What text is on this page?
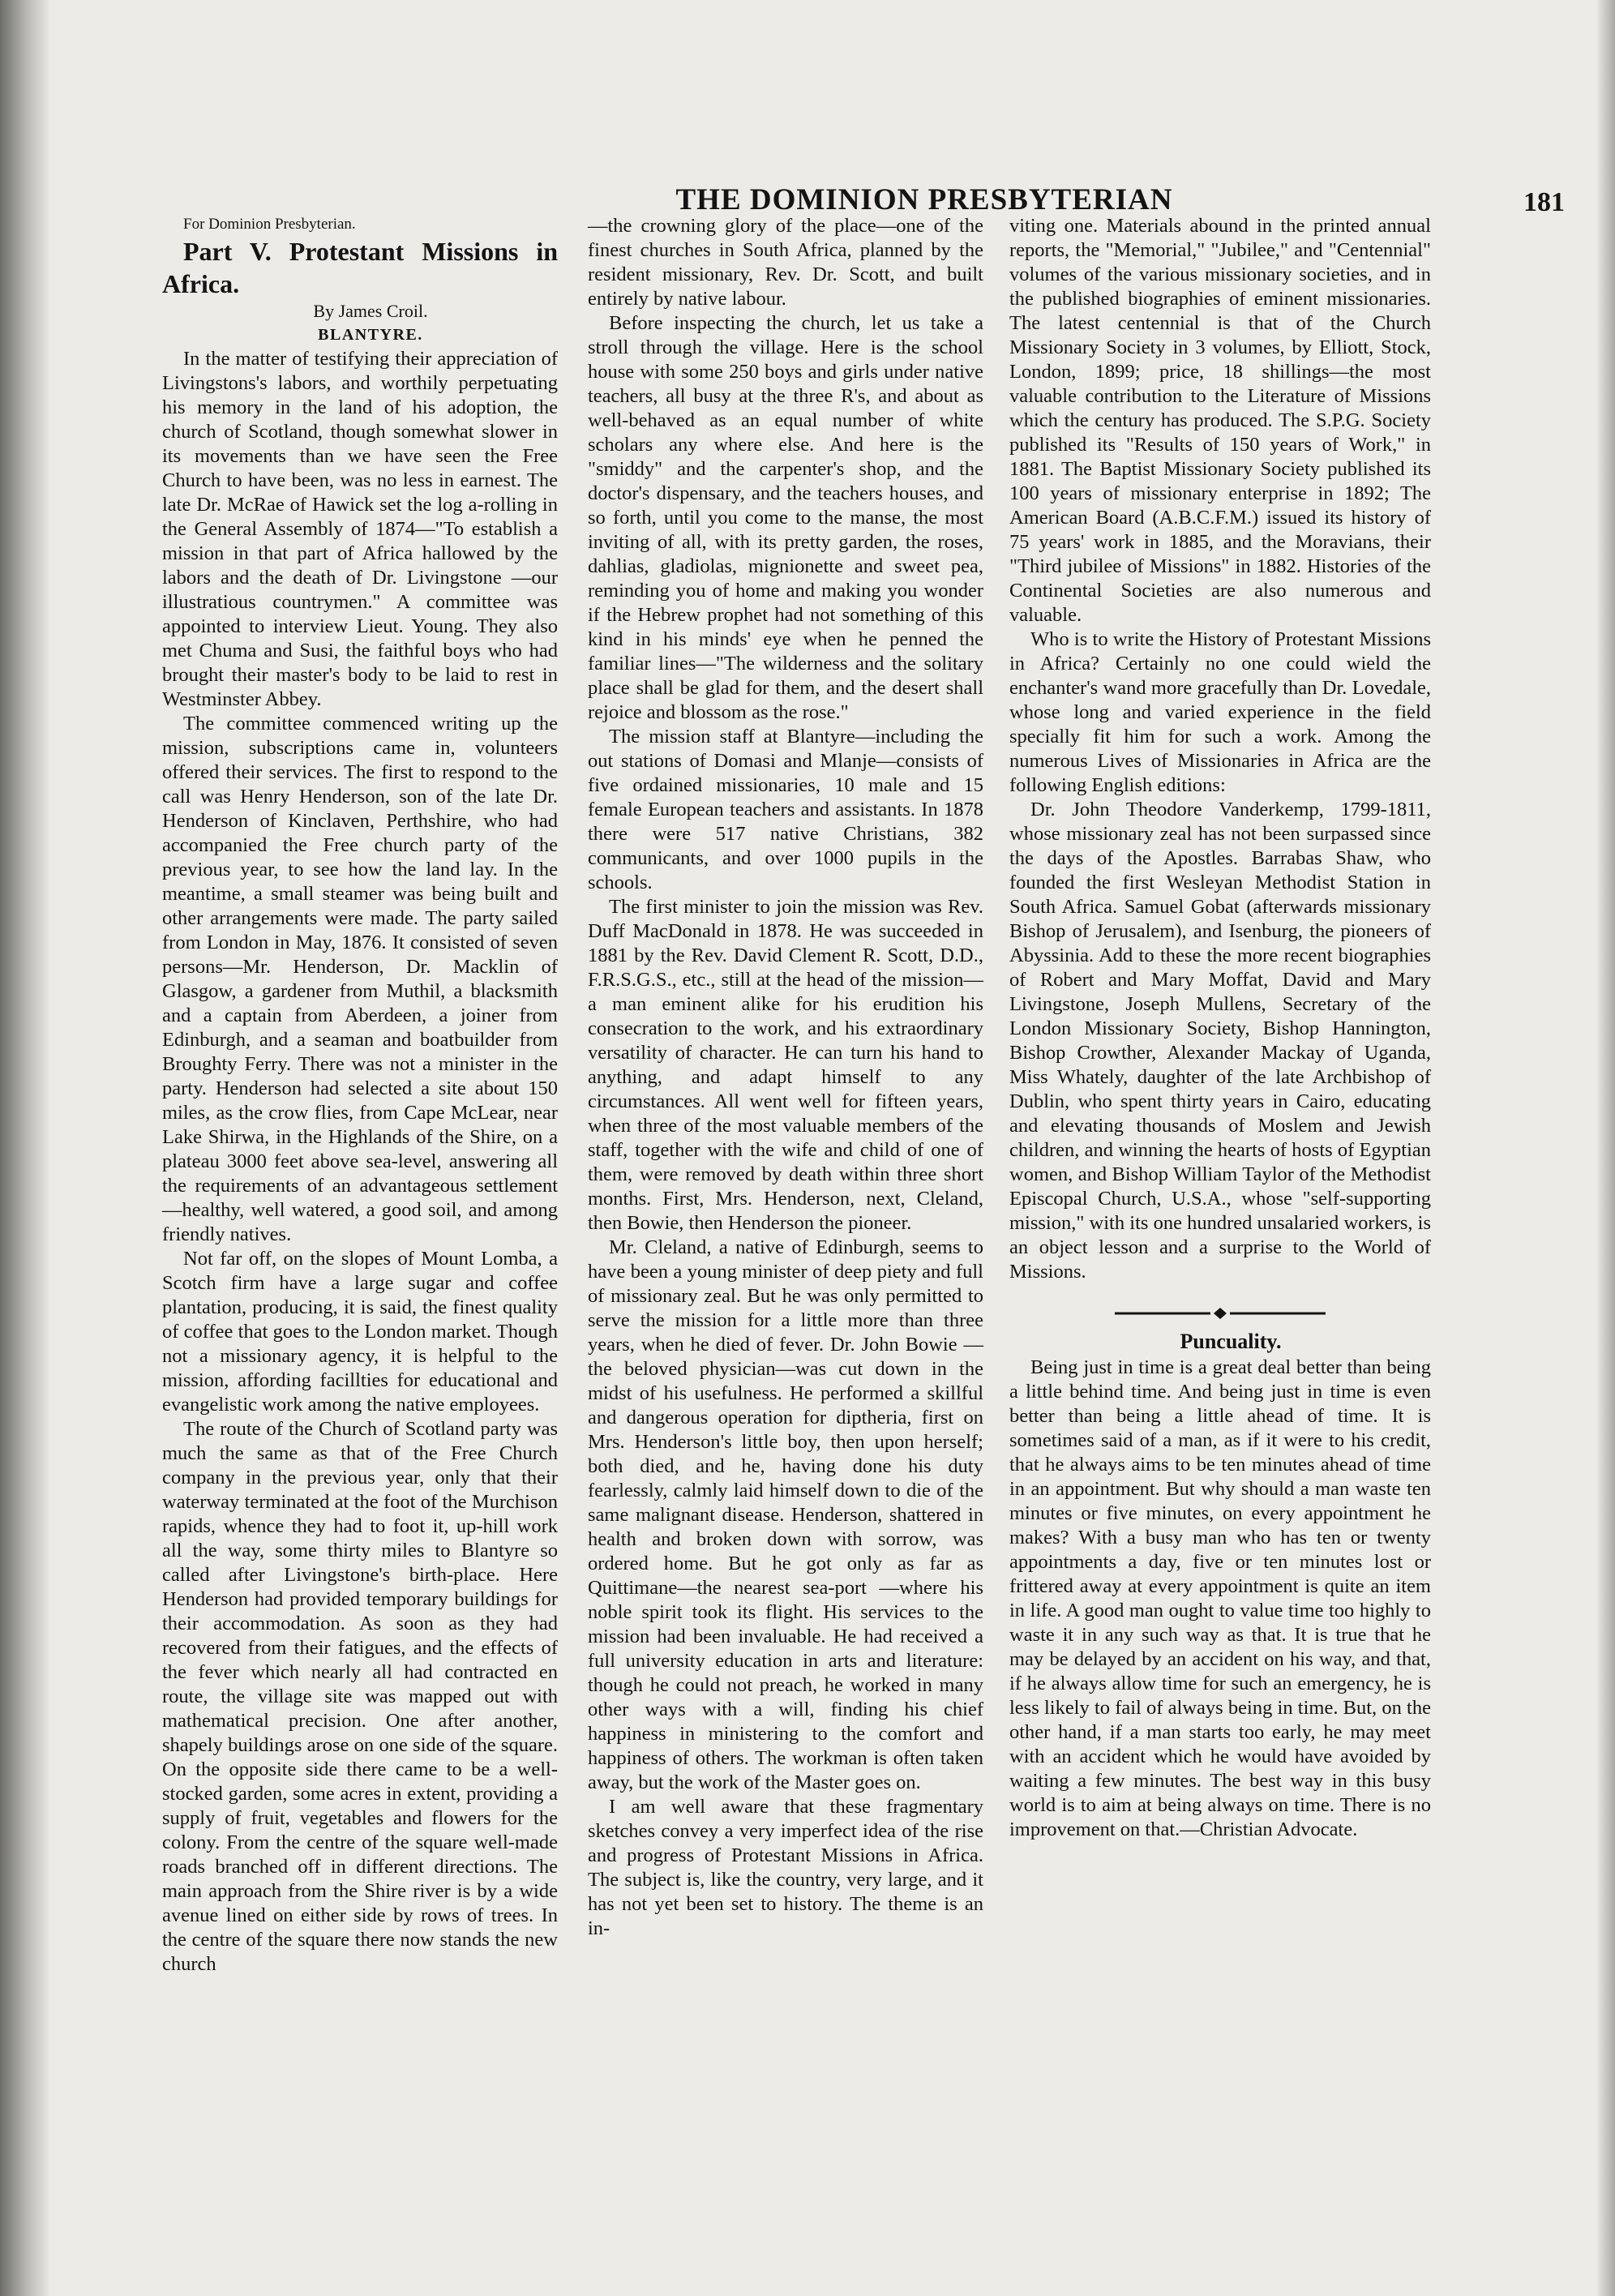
THE DOMINION PRESBYTERIAN	181

For Dominion Presbyterian.

Part V. Protestant Missions in Africa.

By James Croil.

BLANTYRE.

In the matter of testifying their appreciation of Livingstons's labors, and worthily perpetuating his memory in the land of his adoption, the church of Scotland, though somewhat slower in its movements than we have seen the Free Church to have been, was no less in earnest. The late Dr. McRae of Hawick set the log a-rolling in the General Assembly of 1874—"To establish a mission in that part of Africa hallowed by the labors and the death of Dr. Livingstone —our illustratious countrymen." A committee was appointed to interview Lieut. Young. They also met Chuma and Susi, the faithful boys who had brought their master's body to be laid to rest in Westminster Abbey.

The committee commenced writing up the mission, subscriptions came in, volunteers offered their services. The first to respond to the call was Henry Henderson, son of the late Dr. Henderson of Kinclaven, Perthshire, who had accompanied the Free church party of the previous year, to see how the land lay. In the meantime, a small steamer was being built and other arrangements were made. The party sailed from London in May, 1876. It consisted of seven persons—Mr. Henderson, Dr. Macklin of Glasgow, a gardener from Muthil, a blacksmith and a captain from Aberdeen, a joiner from Edinburgh, and a seaman and boatbuilder from Broughty Ferry. There was not a minister in the party. Henderson had selected a site about 150 miles, as the crow flies, from Cape McLear, near Lake Shirwa, in the Highlands of the Shire, on a plateau 3000 feet above sea-level, answering all the requirements of an advantageous settlement—healthy, well watered, a good soil, and among friendly natives.

Not far off, on the slopes of Mount Lomba, a Scotch firm have a large sugar and coffee plantation, producing, it is said, the finest quality of coffee that goes to the London market. Though not a missionary agency, it is helpful to the mission, affording facillties for educational and evangelistic work among the native employees.

The route of the Church of Scotland party was much the same as that of the Free Church company in the previous year, only that their waterway terminated at the foot of the Murchison rapids, whence they had to foot it, up-hill work all the way, some thirty miles to Blantyre so called after Livingstone's birth-place. Here Henderson had provided temporary buildings for their accommodation. As soon as they had recovered from their fatigues, and the effects of the fever which nearly all had contracted en route, the village site was mapped out with mathematical precision. One after another, shapely buildings arose on one side of the square. On the opposite side there came to be a well-stocked garden, some acres in extent, providing a supply of fruit, vegetables and flowers for the colony. From the centre of the square well-made roads branched off in different directions. The main approach from the Shire river is by a wide avenue lined on either side by rows of trees. In the centre of the square there now stands the new church

—the crowning glory of the place—one of the finest churches in South Africa, planned by the resident missionary, Rev. Dr. Scott, and built entirely by native labour.

Before inspecting the church, let us take a stroll through the village. Here is the school house with some 250 boys and girls under native teachers, all busy at the three R's, and about as well-behaved as an equal number of white scholars any where else. And here is the "smiddy" and the carpenter's shop, and the doctor's dispensary, and the teachers houses, and so forth, until you come to the manse, the most inviting of all, with its pretty garden, the roses, dahlias, gladiolas, mignionette and sweet pea, reminding you of home and making you wonder if the Hebrew prophet had not something of this kind in his minds' eye when he penned the familiar lines—"The wilderness and the solitary place shall be glad for them, and the desert shall rejoice and blossom as the rose."

The mission staff at Blantyre—including the out stations of Domasi and Mlanje—consists of five ordained missionaries, 10 male and 15 female European teachers and assistants. In 1878 there were 517 native Christians, 382 communicants, and over 1000 pupils in the schools.

The first minister to join the mission was Rev. Duff MacDonald in 1878. He was succeeded in 1881 by the Rev. David Clement R. Scott, D.D., F.R.S.G.S., etc., still at the head of the mission—a man eminent alike for his erudition his consecration to the work, and his extraordinary versatility of character. He can turn his hand to anything, and adapt himself to any circumstances. All went well for fifteen years, when three of the most valuable members of the staff, together with the wife and child of one of them, were removed by death within three short months. First, Mrs. Henderson, next, Cleland, then Bowie, then Henderson the pioneer.

Mr. Cleland, a native of Edinburgh, seems to have been a young minister of deep piety and full of missionary zeal. But he was only permitted to serve the mission for a little more than three years, when he died of fever. Dr. John Bowie —the beloved physician—was cut down in the midst of his usefulness. He performed a skillful and dangerous operation for diptheria, first on Mrs. Henderson's little boy, then upon herself; both died, and he, having done his duty fearlessly, calmly laid himself down to die of the same malignant disease. Henderson, shattered in health and broken down with sorrow, was ordered home. But he got only as far as Quittimane—the nearest sea-port —where his noble spirit took its flight. His services to the mission had been invaluable. He had received a full university education in arts and literature: though he could not preach, he worked in many other ways with a will, finding his chief happiness in ministering to the comfort and happiness of others. The workman is often taken away, but the work of the Master goes on.

I am well aware that these fragmentary sketches convey a very imperfect idea of the rise and progress of Protestant Missions in Africa. The subject is, like the country, very large, and it has not yet been set to history. The theme is an in-

viting one. Materials abound in the printed annual reports, the "Memorial," "Jubilee," and "Centennial" volumes of the various missionary societies, and in the published biographies of eminent missionaries. The latest centennial is that of the Church Missionary Society in 3 volumes, by Elliott, Stock, London, 1899; price, 18 shillings—the most valuable contribution to the Literature of Missions which the century has produced. The S.P.G. Society published its "Results of 150 years of Work," in 1881. The Baptist Missionary Society published its 100 years of missionary enterprise in 1892; The American Board (A.B.C.F.M.) issued its history of 75 years' work in 1885, and the Moravians, their "Third jubilee of Missions" in 1882. Histories of the Continental Societies are also numerous and valuable.

Who is to write the History of Protestant Missions in Africa? Certainly no one could wield the enchanter's wand more gracefully than Dr. Lovedale, whose long and varied experience in the field specially fit him for such a work. Among the numerous Lives of Missionaries in Africa are the following English editions:

Dr. John Theodore Vanderkemp, 1799-1811, whose missionary zeal has not been surpassed since the days of the Apostles. Barrabas Shaw, who founded the first Wesleyan Methodist Station in South Africa. Samuel Gobat (afterwards missionary Bishop of Jerusalem), and Isenburg, the pioneers of Abyssinia. Add to these the more recent biographies of Robert and Mary Moffat, David and Mary Livingstone, Joseph Mullens, Secretary of the London Missionary Society, Bishop Hannington, Bishop Crowther, Alexander Mackay of Uganda, Miss Whately, daughter of the late Archbishop of Dublin, who spent thirty years in Cairo, educating and elevating thousands of Moslem and Jewish children, and winning the hearts of hosts of Egyptian women, and Bishop William Taylor of the Methodist Episcopal Church, U.S.A., whose "self-supporting mission," with its one hundred unsalaried workers, is an object lesson and a surprise to the World of Missions.

Puncuality.

Being just in time is a great deal better than being a little behind time. And being just in time is even better than being a little ahead of time. It is sometimes said of a man, as if it were to his credit, that he always aims to be ten minutes ahead of time in an appointment. But why should a man waste ten minutes or five minutes, on every appointment he makes? With a busy man who has ten or twenty appointments a day, five or ten minutes lost or frittered away at every appointment is quite an item in life. A good man ought to value time too highly to waste it in any such way as that. It is true that he may be delayed by an accident on his way, and that, if he always allow time for such an emergency, he is less likely to fail of always being in time. But, on the other hand, if a man starts too early, he may meet with an accident which he would have avoided by waiting a few minutes. The best way in this busy world is to aim at being always on time. There is no improvement on that.—Christian Advocate.
